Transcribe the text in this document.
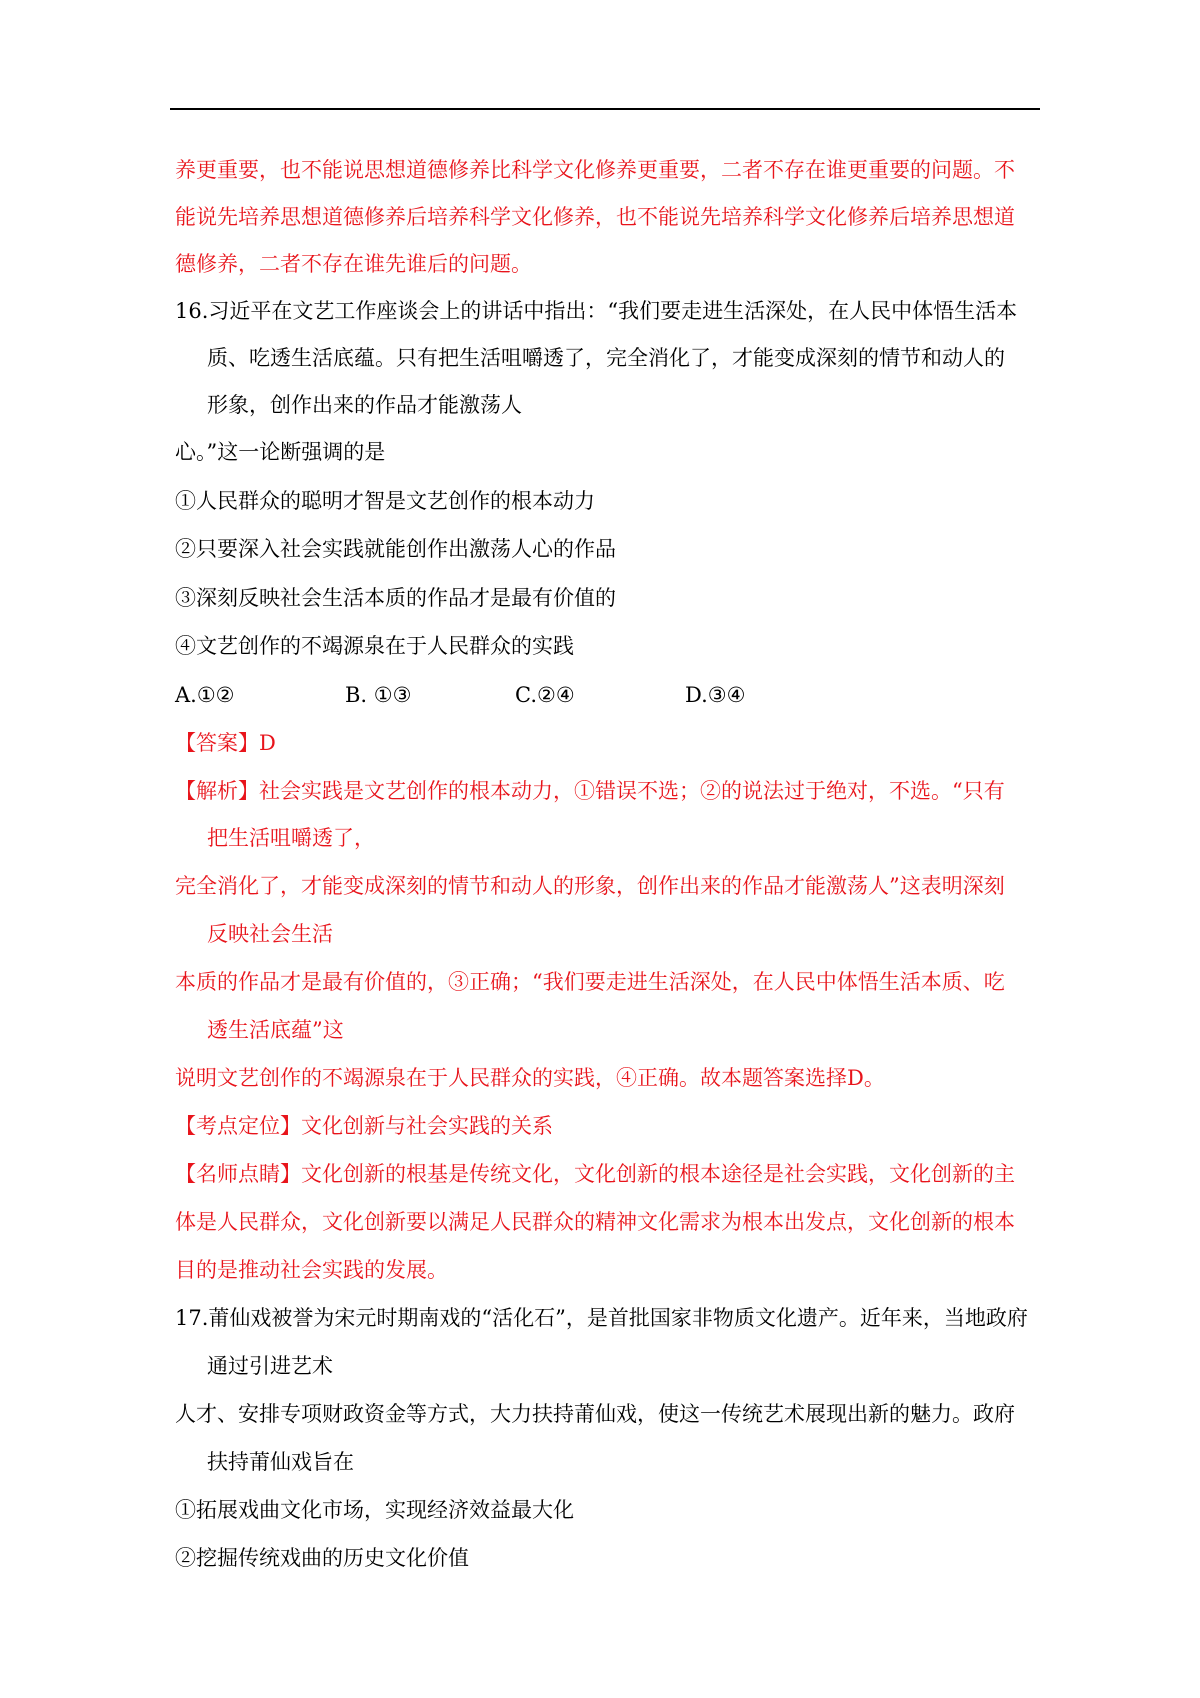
养更重要，也不能说思想道德修养比科学文化修养更重要，二者不存在谁更重要的问题。不
能说先培养思想道德修养后培养科学文化修养，也不能说先培养科学文化修养后培养思想道
德修养，二者不存在谁先谁后的问题。
16.习近平在文艺工作座谈会上的讲话中指出：“我们要走进生活深处，在人民中体悟生活本
质、吃透生活底蕴。只有把生活咀嚼透了，完全消化了，才能变成深刻的情节和动人的
形象，创作出来的作品才能激荡人
心。”这一论断强调的是
①人民群众的聪明才智是文艺创作的根本动力
②只要深入社会实践就能创作出激荡人心的作品
③深刻反映社会生活本质的作品才是最有价值的
④文艺创作的不竭源泉在于人民群众的实践
A.①②	B. ①③	C.②④	D.③④
【答案】D
【解析】社会实践是文艺创作的根本动力，①错误不选；②的说法过于绝对，不选。“只有
把生活咀嚼透了，
完全消化了，才能变成深刻的情节和动人的形象，创作出来的作品才能激荡人”这表明深刻
反映社会生活
本质的作品才是最有价值的，③正确；“我们要走进生活深处，在人民中体悟生活本质、吃
透生活底蕴”这
说明文艺创作的不竭源泉在于人民群众的实践，④正确。故本题答案选择D。
【考点定位】文化创新与社会实践的关系
【名师点睛】文化创新的根基是传统文化，文化创新的根本途径是社会实践，文化创新的主
体是人民群众，文化创新要以满足人民群众的精神文化需求为根本出发点，文化创新的根本
目的是推动社会实践的发展。
17.莆仙戏被誉为宋元时期南戏的“活化石”，是首批国家非物质文化遗产。近年来，当地政府
通过引进艺术
人才、安排专项财政资金等方式，大力扶持莆仙戏，使这一传统艺术展现出新的魅力。政府
扶持莆仙戏旨在
①拓展戏曲文化市场，实现经济效益最大化
②挖掘传统戏曲的历史文化价值
